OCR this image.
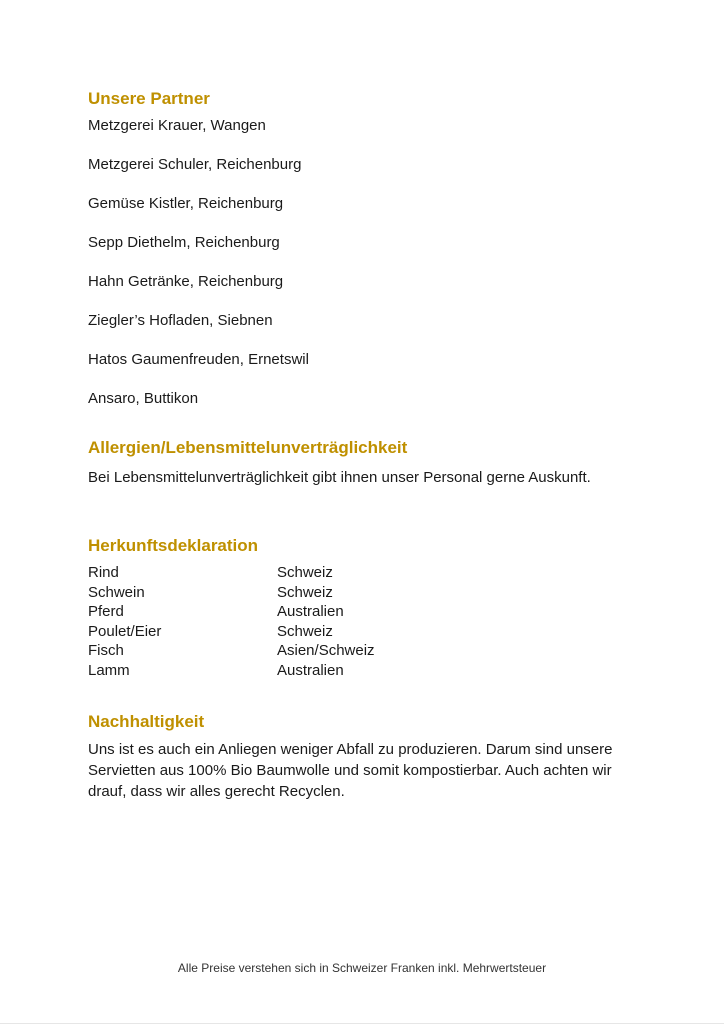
Unsere Partner
Metzgerei Krauer, Wangen
Metzgerei Schuler, Reichenburg
Gemüse Kistler, Reichenburg
Sepp Diethelm, Reichenburg
Hahn Getränke, Reichenburg
Ziegler’s Hofladen, Siebnen
Hatos Gaumenfreuden, Ernetswil
Ansaro, Buttikon
Allergien/Lebensmittelunverträglichkeit

Bei Lebensmittelunverträglichkeit gibt ihnen unser Personal gerne Auskunft.

Herkunftsdeklaration
Rind	Schweiz
Schwein	Schweiz
Pferd	Australien
Poulet/Eier	Schweiz
Fisch	Asien/Schweiz
Lamm	Australien
Nachhaltigkeit

Uns ist es auch ein Anliegen weniger Abfall zu produzieren. Darum sind unsere Servietten aus 100% Bio Baumwolle und somit kompostierbar. Auch achten wir drauf, dass wir alles gerecht Recyclen.

Alle Preise verstehen sich in Schweizer Franken inkl. Mehrwertsteuer
